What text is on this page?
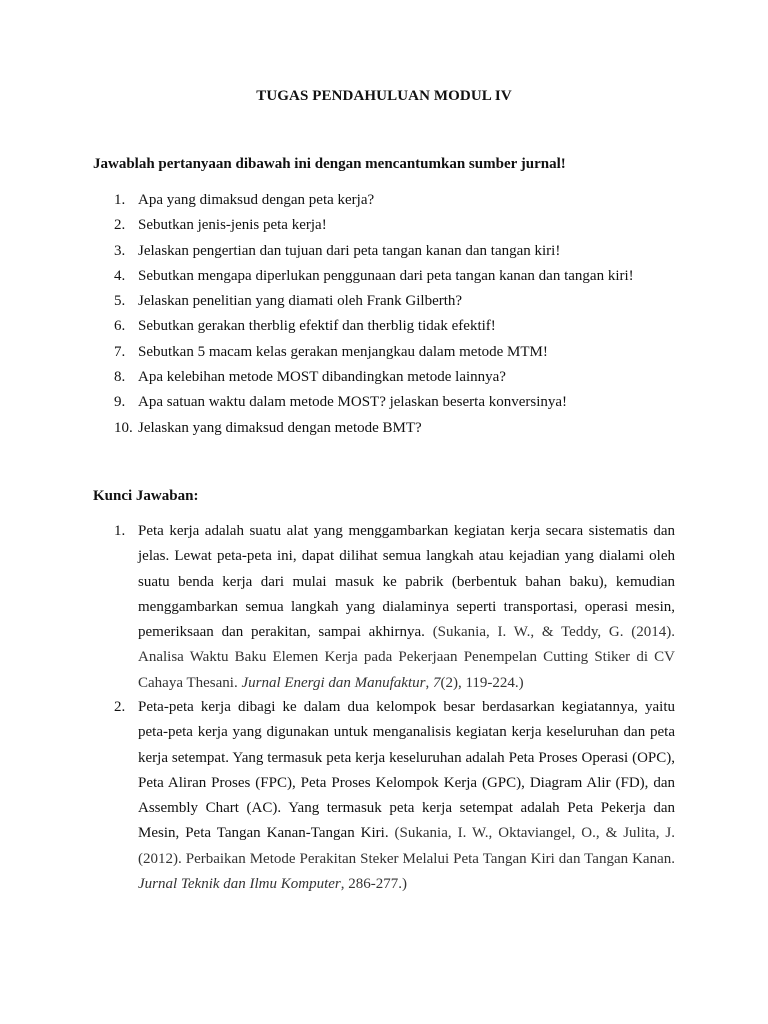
TUGAS PENDAHULUAN MODUL IV
Jawablah pertanyaan dibawah ini dengan mencantumkan sumber jurnal!
1. Apa yang dimaksud dengan peta kerja?
2. Sebutkan jenis-jenis peta kerja!
3. Jelaskan pengertian dan tujuan dari peta tangan kanan dan tangan kiri!
4. Sebutkan mengapa diperlukan penggunaan dari peta tangan kanan dan tangan kiri!
5. Jelaskan penelitian yang diamati oleh Frank Gilberth?
6. Sebutkan gerakan therblig efektif dan therblig tidak efektif!
7. Sebutkan 5 macam kelas gerakan menjangkau dalam metode MTM!
8. Apa kelebihan metode MOST dibandingkan metode lainnya?
9. Apa satuan waktu dalam metode MOST? jelaskan beserta konversinya!
10. Jelaskan yang dimaksud dengan metode BMT?
Kunci Jawaban:
1. Peta kerja adalah suatu alat yang menggambarkan kegiatan kerja secara sistematis dan jelas. Lewat peta-peta ini, dapat dilihat semua langkah atau kejadian yang dialami oleh suatu benda kerja dari mulai masuk ke pabrik (berbentuk bahan baku), kemudian menggambarkan semua langkah yang dialaminya seperti transportasi, operasi mesin, pemeriksaan dan perakitan, sampai akhirnya. (Sukania, I. W., & Teddy, G. (2014). Analisa Waktu Baku Elemen Kerja pada Pekerjaan Penempelan Cutting Stiker di CV Cahaya Thesani. Jurnal Energi dan Manufaktur, 7(2), 119-224.)
2. Peta-peta kerja dibagi ke dalam dua kelompok besar berdasarkan kegiatannya, yaitu peta-peta kerja yang digunakan untuk menganalisis kegiatan kerja keseluruhan dan peta kerja setempat. Yang termasuk peta kerja keseluruhan adalah Peta Proses Operasi (OPC), Peta Aliran Proses (FPC), Peta Proses Kelompok Kerja (GPC), Diagram Alir (FD), dan Assembly Chart (AC). Yang termasuk peta kerja setempat adalah Peta Pekerja dan Mesin, Peta Tangan Kanan-Tangan Kiri. (Sukania, I. W., Oktaviangel, O., & Julita, J. (2012). Perbaikan Metode Perakitan Steker Melalui Peta Tangan Kiri dan Tangan Kanan. Jurnal Teknik dan Ilmu Komputer, 286-277.)
